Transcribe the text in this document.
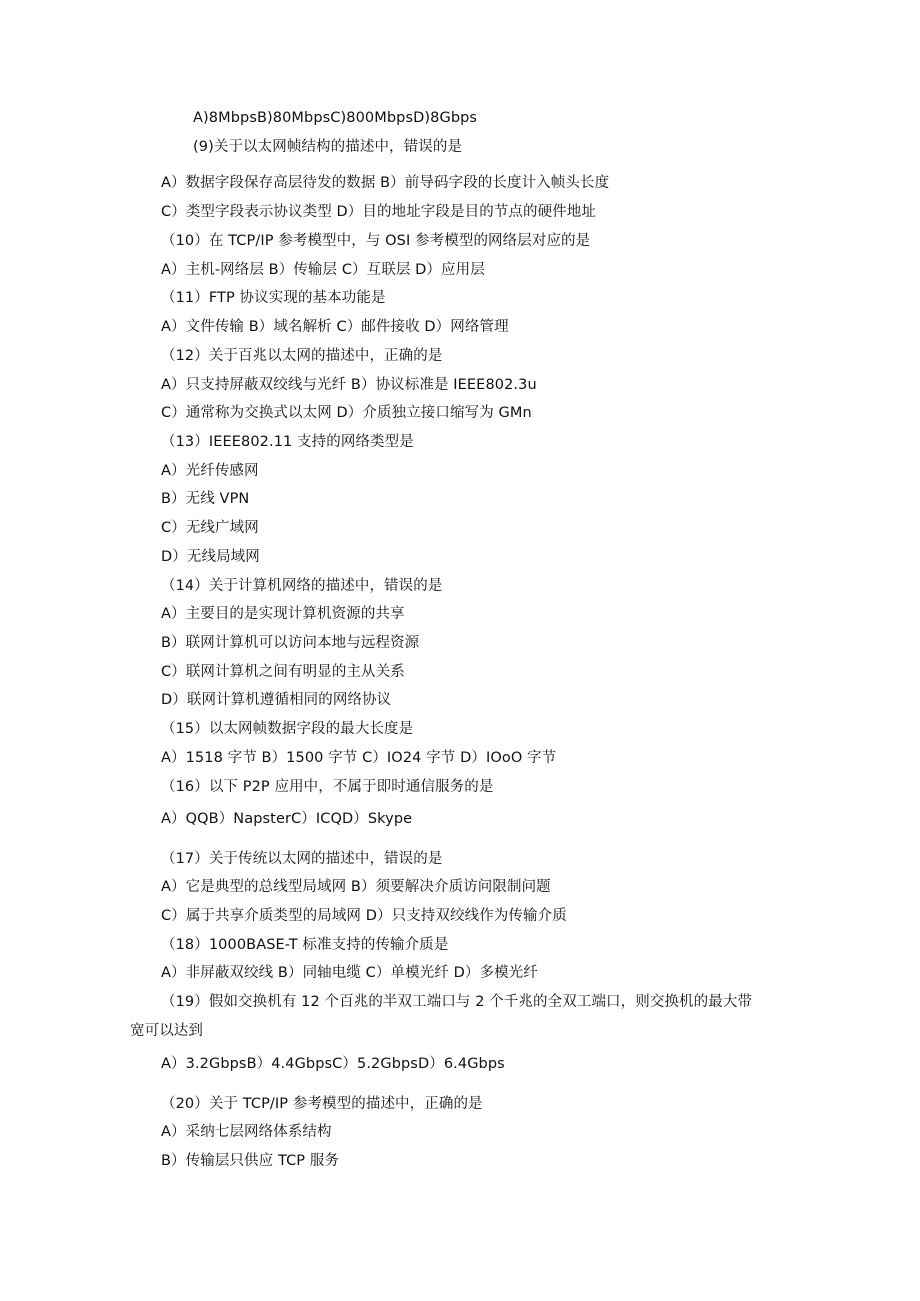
A)8MbpsB)80MbpsC)800MbpsD)8Gbps
(9)关于以太网帧结构的描述中，错误的是
A）数据字段保存高层待发的数据 B）前导码字段的长度计入帧头长度
C）类型字段表示协议类型 D）目的地址字段是目的节点的硬件地址
（10）在 TCP/IP 参考模型中，与 OSI 参考模型的网络层对应的是
A）主机-网络层 B）传输层 C）互联层 D）应用层
（11）FTP 协议实现的基本功能是
A）文件传输 B）域名解析 C）邮件接收 D）网络管理
（12）关于百兆以太网的描述中，正确的是
A）只支持屏蔽双绞线与光纤 B）协议标准是 IEEE802.3u
C）通常称为交换式以太网 D）介质独立接口缩写为 GMn
（13）IEEE802.11 支持的网络类型是
A）光纤传感网
B）无线 VPN
C）无线广域网
D）无线局域网
（14）关于计算机网络的描述中，错误的是
A）主要目的是实现计算机资源的共享
B）联网计算机可以访问本地与远程资源
C）联网计算机之间有明显的主从关系
D）联网计算机遵循相同的网络协议
（15）以太网帧数据字段的最大长度是
A）1518 字节 B）1500 字节 C）IO24 字节 D）IOoO 字节
（16）以下 P2P 应用中，不属于即时通信服务的是
A）QQB）NapsterC）ICQD）Skype
（17）关于传统以太网的描述中，错误的是
A）它是典型的总线型局域网 B）须要解决介质访问限制问题
C）属于共享介质类型的局域网 D）只支持双绞线作为传输介质
（18）1000BASE-T 标准支持的传输介质是
A）非屏蔽双绞线 B）同轴电缆 C）单模光纤 D）多模光纤
（19）假如交换机有 12 个百兆的半双工端口与 2 个千兆的全双工端口，则交换机的最大带
宽可以达到
A）3.2GbpsB）4.4GbpsC）5.2GbpsD）6.4Gbps
（20）关于 TCP/IP 参考模型的描述中，正确的是
A）采纳七层网络体系结构
B）传输层只供应 TCP 服务
